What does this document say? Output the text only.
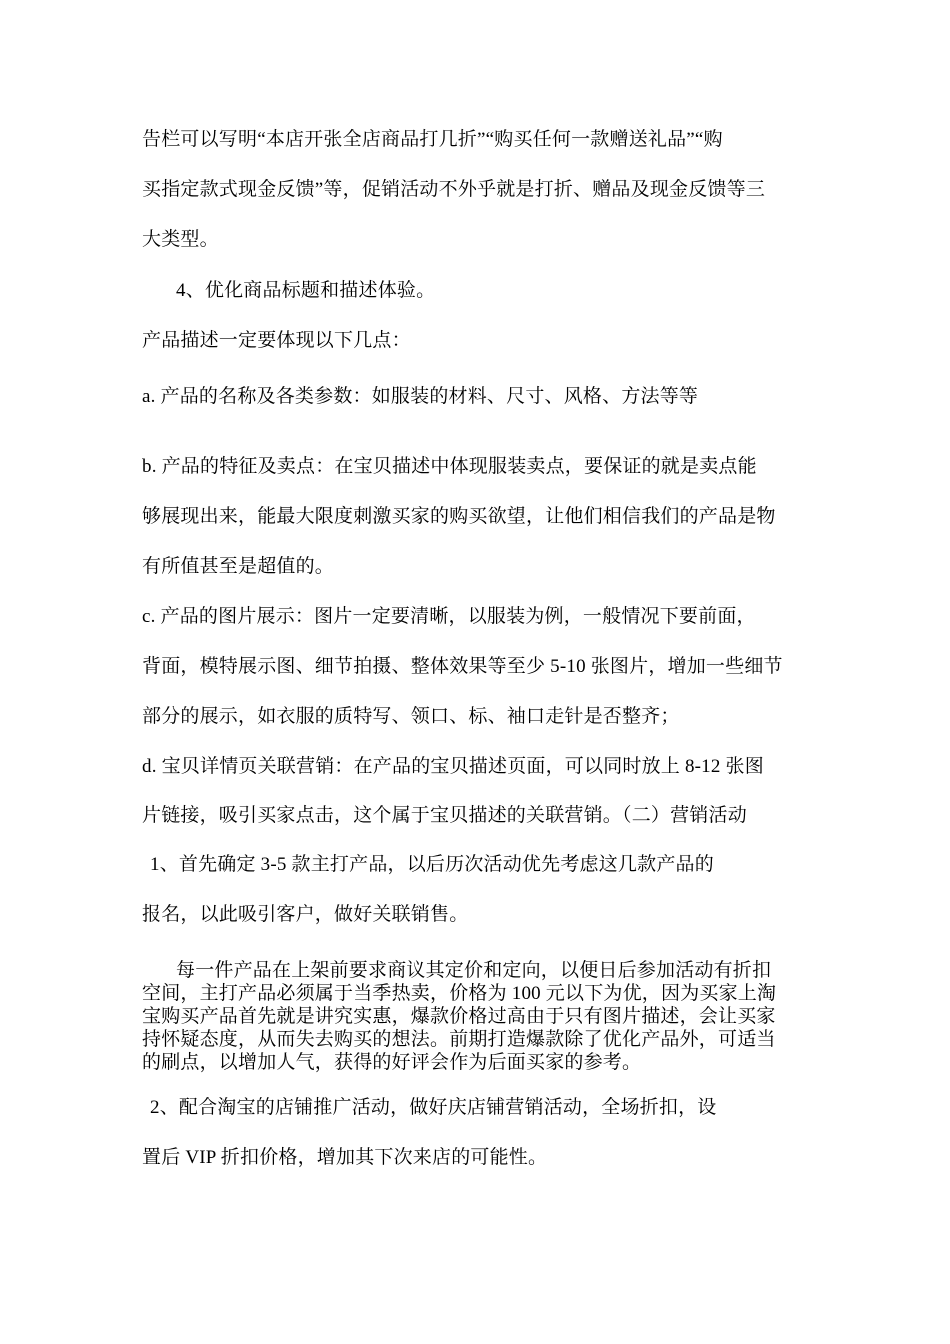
告栏可以写明“本店开张全店商品打几折”“购买任何一款赠送礼品”“购
买指定款式现金反馈”等，促销活动不外乎就是打折、赠品及现金反馈等三
大类型。
4、优化商品标题和描述体验。
产品描述一定要体现以下几点：
a. 产品的名称及各类参数：如服装的材料、尺寸、风格、方法等等
b. 产品的特征及卖点：在宝贝描述中体现服装卖点，要保证的就是卖点能
够展现出来，能最大限度刺激买家的购买欲望，让他们相信我们的产品是物
有所值甚至是超值的。
c. 产品的图片展示：图片一定要清晰，以服装为例，一般情况下要前面，
背面，模特展示图、细节拍摄、整体效果等至少 5-10 张图片，增加一些细节
部分的展示，如衣服的质特写、领口、标、袖口走针是否整齐；
d. 宝贝详情页关联营销：在产品的宝贝描述页面，可以同时放上 8-12 张图
片链接，吸引买家点击，这个属于宝贝描述的关联营销。（二）营销活动
1、首先确定 3-5 款主打产品，以后历次活动优先考虑这几款产品的
报名，以此吸引客户，做好关联销售。
每一件产品在上架前要求商议其定价和定向，以便日后参加活动有折扣
空间，主打产品必须属于当季热卖，价格为 100 元以下为优，因为买家上淘
宝购买产品首先就是讲究实惠，爆款价格过高由于只有图片描述，会让买家
持怀疑态度，从而失去购买的想法。前期打造爆款除了优化产品外，可适当
的刷点，以增加人气，获得的好评会作为后面买家的参考。
2、配合淘宝的店铺推广活动，做好庆店铺营销活动，全场折扣，设
置后 VIP 折扣价格，增加其下次来店的可能性。
